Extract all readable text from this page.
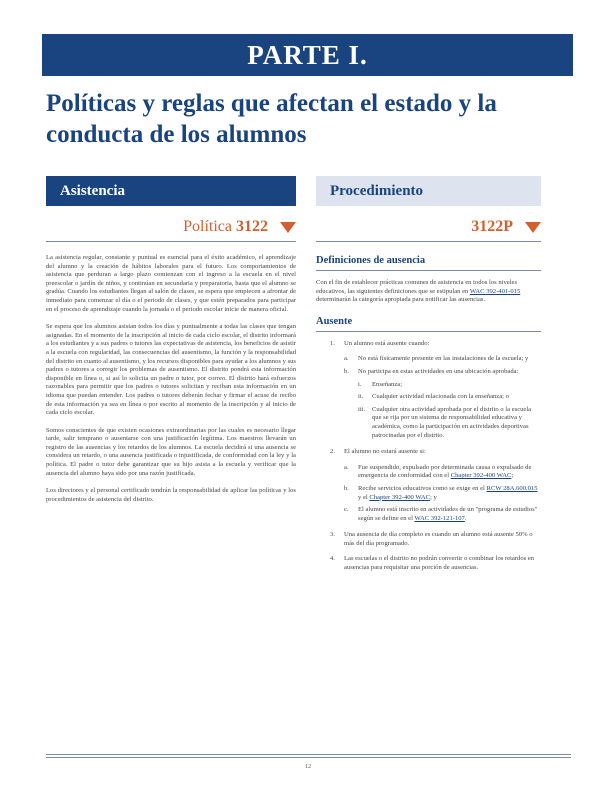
PARTE I.
Políticas y reglas que afectan el estado y la
conducta de los alumnos
Asistencia	Procedimiento
Política 3122	3122P

La asistencia regular, constante y puntual es esencial para el éxito académico, el aprendizaje del alumno y la creación de hábitos laborales para el futuro. Los comportamientos de asistencia que perduran a largo plazo comienzan con el ingreso a la escuela en el nivel preescolar o jardín de niños, y continúan en secundaria y preparatoria, hasta que el alumno se gradúa. Cuando los estudiantes llegan al salón de clases, se espera que empiecen a afrontar de inmediato para comenzar el día o el periodo de clases, y que estén preparados para participar en el proceso de aprendizaje cuando la jornada o el periodo escolar inicie de manera oficial.

Se espera que los alumnos asistan todos los días y puntualmente a todas las clases que tengan asignadas. En el momento de la inscripción al inicio de cada ciclo escolar, el distrito informará a los estudiantes y a sus padres o tutores las expectativas de asistencia, los beneficios de asistir a la escuela con regularidad, las consecuencias del ausentismo, la función y la responsabilidad del distrito en cuanto al ausentismo, y los recursos disponibles para ayudar a los alumnos y sus padres o tutores a corregir los problemas de ausentismo. El distrito pondrá esta información disponible en línea o, si así lo solicita un padre o tutor, por correo. El distrito hará esfuerzos razonables para permitir que los padres o tutores solicitan y reciban esta información en un idioma que puedan entender. Los padres o tutores deberán fechar y firmar el acuse de recibo de esta información ya sea en línea o por escrito al momento de la inscripción y al inicio de cada ciclo escolar.

Somos conscientes de que existen ocasiones extraordinarias por las cuales es necesario llegar tarde, salir temprano o ausentarse con una justificación legítima. Los maestros llevarán un registro de las ausencias y los retardos de los alumnos. La escuela decidirá si una ausencia se considera un retardo, o una ausencia justificada o injustificada, de conformidad con la ley y la política. El padre o tutor debe garantizar que su hijo asista a la escuela y verificar que la ausencia del alumno haya sido por una razón justificada.

Los directores y el personal certificado tendrán la responsabilidad de aplicar las políticas y los procedimientos de asistencia del distrito.

Definiciones de ausencia
Con el fin de establecer prácticas comunes de asistencia en todos los niveles educativos, las siguientes definiciones que se estipulan en WAC 392-401-015 determinarán la categoría apropiada para notificar las ausencias.
Ausente
1.	Un alumno está ausente cuando:
a.	No está físicamente presente en las instalaciones de la escuela; y
b.	No participa en estas actividades en una ubicación aprobada:
i.	Enseñanza;
ii.	Cualquier actividad relacionada con la enseñanza; o
iii.	Cualquier otra actividad aprobada por el distrito o la escuela que se rija por un sistema de responsabilidad educativa y académica, como la participación en actividades deportivas patrocinadas por el distrito.
2.	El alumno no estará ausente si:
a.	Fue suspendido, expulsado por determinada causa o expulsado de emergencia de conformidad con el Chapter 392-400 WAC;
b.	Recibe servicios educativos como se exige en el RCW 28A.600.015 y el Chapter 392-400 WAC; y
c.	El alumno está inscrito en actividades de un "programa de estudios" según se define en el WAC 392-121-107.
3.	Una ausencia de día completo es cuando un alumno está ausente 50% o más del día programado.
4.	Las escuelas o el distrito no podrán convertir o combinar los retardos en ausencias para requisitar una porción de ausencias.
12
